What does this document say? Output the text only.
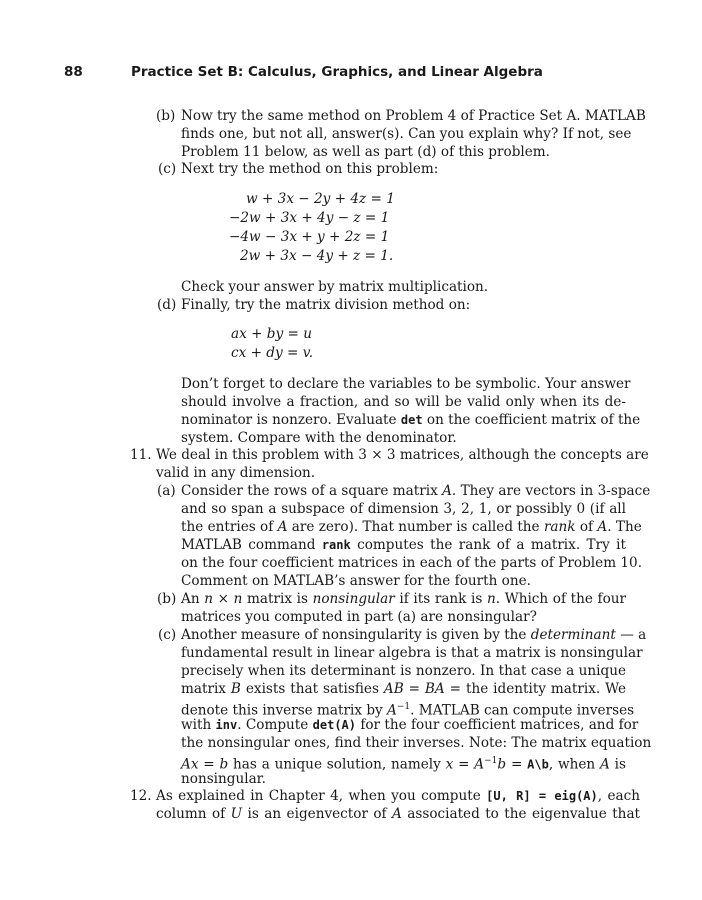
88	Practice Set B: Calculus, Graphics, and Linear Algebra
(b) Now try the same method on Problem 4 of Practice Set A. MATLAB
finds one, but not all, answer(s). Can you explain why? If not, see
Problem 11 below, as well as part (d) of this problem.
(c) Next try the method on this problem:
w + 3x − 2y + 4z = 1
−2w + 3x + 4y − z = 1
−4w − 3x + y + 2z = 1
2w + 3x − 4y + z = 1.
Check your answer by matrix multiplication.
(d) Finally, try the matrix division method on:
ax + by = u
cx + dy = v.
Don’t forget to declare the variables to be symbolic. Your answer
should involve a fraction, and so will be valid only when its de-
nominator is nonzero. Evaluate det on the coefficient matrix of the
system. Compare with the denominator.
11. We deal in this problem with 3 × 3 matrices, although the concepts are
valid in any dimension.
(a) Consider the rows of a square matrix A. They are vectors in 3-space
and so span a subspace of dimension 3, 2, 1, or possibly 0 (if all
the entries of A are zero). That number is called the rank of A. The
MATLAB command rank computes the rank of a matrix. Try it
on the four coefficient matrices in each of the parts of Problem 10.
Comment on MATLAB’s answer for the fourth one.
(b) An n × n matrix is nonsingular if its rank is n. Which of the four
matrices you computed in part (a) are nonsingular?
(c) Another measure of nonsingularity is given by the determinant — a
fundamental result in linear algebra is that a matrix is nonsingular
precisely when its determinant is nonzero. In that case a unique
matrix B exists that satisfies AB = BA = the identity matrix. We
denote this inverse matrix by $A^{-1}$. MATLAB can compute inverses
with inv. Compute det(A) for the four coefficient matrices, and for
the nonsingular ones, find their inverses. Note: The matrix equation
Ax = b has a unique solution, namely $x = A^{-1}b$ = A\b, when A is
nonsingular.
12. As explained in Chapter 4, when you compute [U, R] = eig(A), each
column of U is an eigenvector of A associated to the eigenvalue that
